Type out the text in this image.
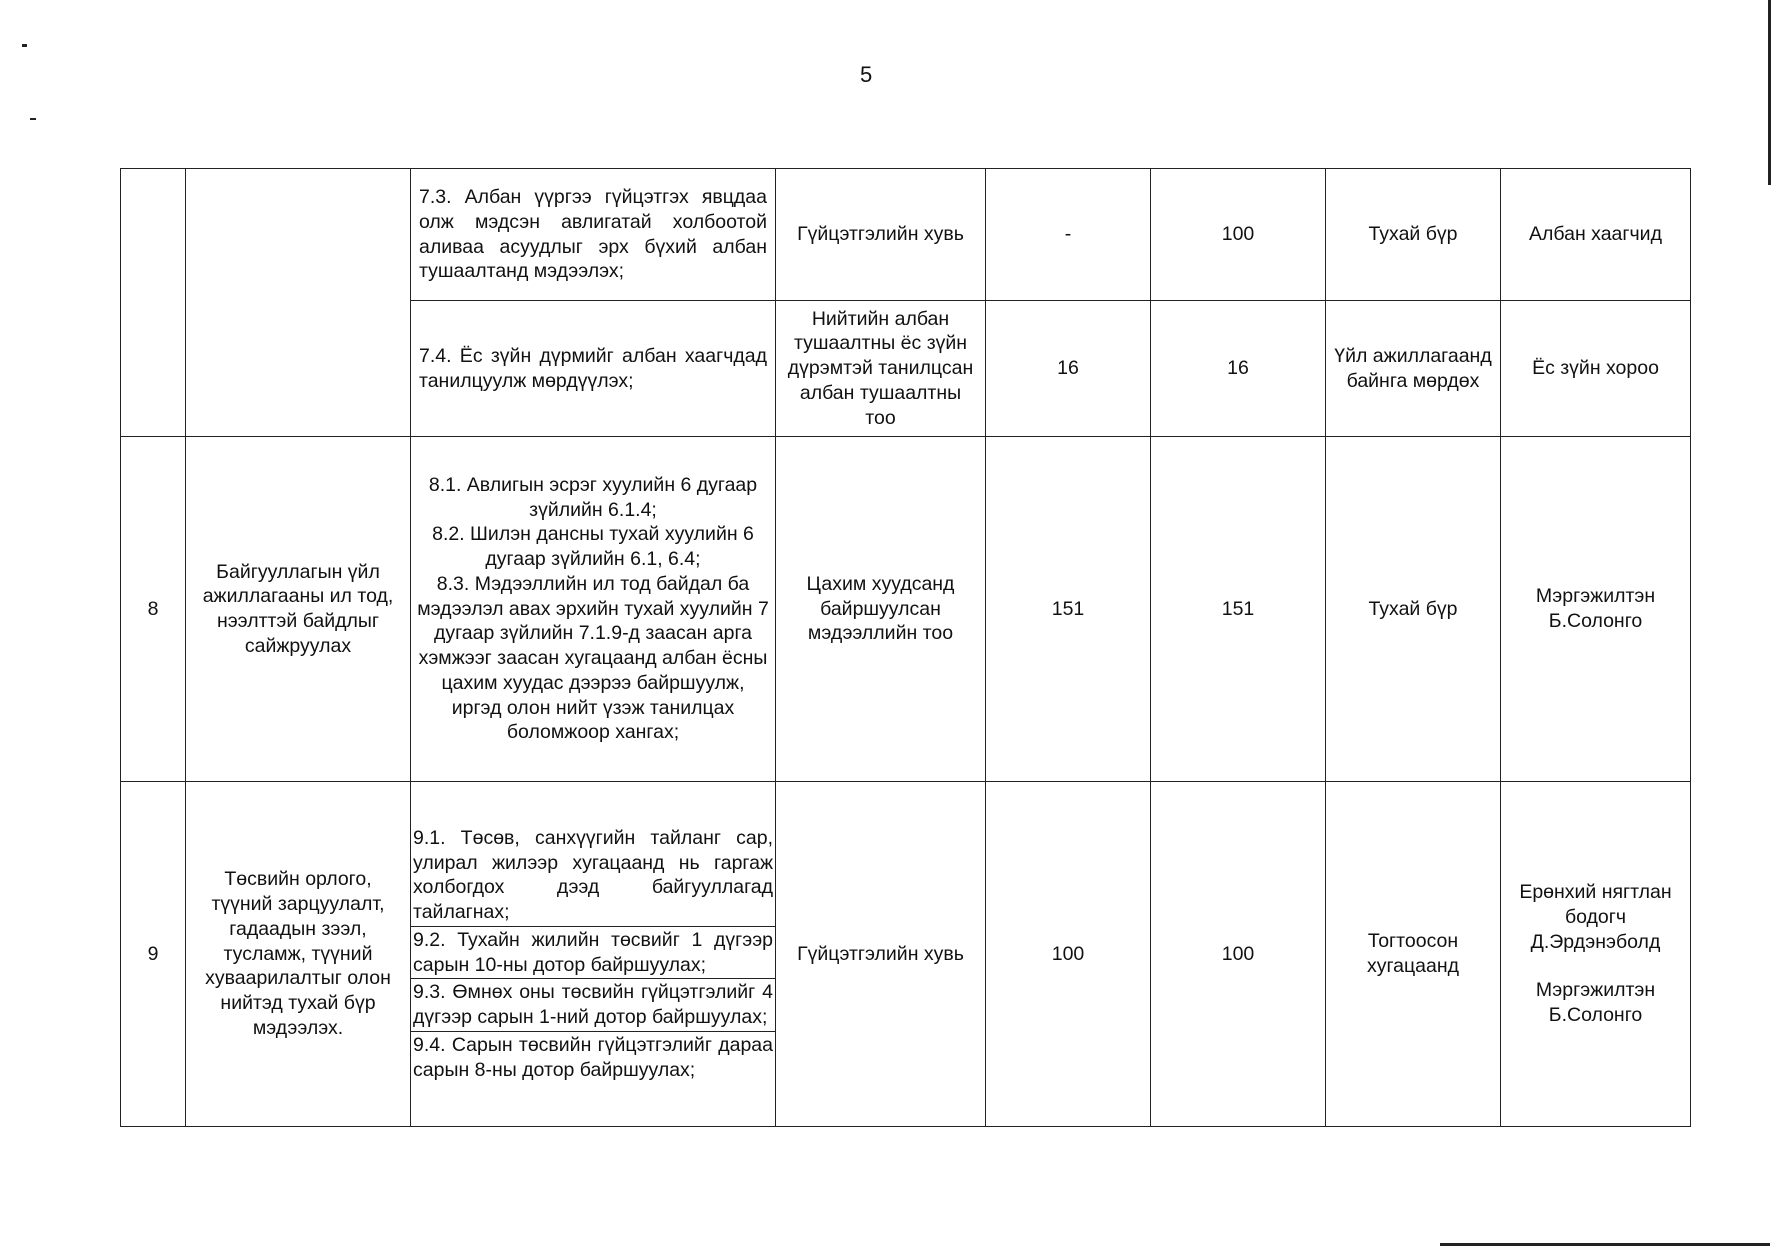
5

		7.3. Албан үүргээ гүйцэтгэх явцдаа олж мэдсэн авлигатай холбоотой аливаа асуудлыг эрх бүхий албан тушаалтанд мэдээлэх;	Гүйцэтгэлийн хувь	-	100	Тухай бүр	Албан хаагчид

		7.4. Ёс зүйн дүрмийг албан хаагчдад танилцуулж мөрдүүлэх;	Нийтийн албан тушаалтны ёс зүйн дүрэмтэй танилцсан албан тушаалтны тоо	16	16	Үйл ажиллагаанд байнга мөрдөх	Ёс зүйн хороо
8	Байгууллагын үйл ажиллагааны ил тод, нээлттэй байдлыг сайжруулах	8.1. Авлигын эсрэг хуулийн 6 дугаар зүйлийн 6.1.4;
8.2. Шилэн дансны тухай хуулийн 6 дугаар зүйлийн 6.1, 6.4;
8.3. Мэдээллийн ил тод байдал ба мэдээлэл авах эрхийн тухай хуулийн 7 дугаар зүйлийн 7.1.9-д заасан арга хэмжээг заасан хугацаанд албан ёсны цахим хуудас дээрээ байршуулж, иргэд олон нийт үзэж танилцах боломжоор хангах;	Цахим хуудсанд байршуулсан мэдээллийн тоо	151	151	Тухай бүр	Мэргэжилтэн Б.Солонго
9	Төсвийн орлого, түүний зарцуулалт, гадаадын зээл, тусламж, түүний хуваарилалтыг олон нийтэд тухай бүр мэдээлэх.	9.1. Төсөв, санхүүгийн тайланг сар, улирал жилээр хугацаанд нь гаргаж холбогдох дээд байгууллагад тайлагнах;
9.2. Тухайн жилийн төсвийг 1 дүгээр сарын 10-ны дотор байршуулах;
9.3. Өмнөх оны төсвийн гүйцэтгэлийг 4 дүгээр сарын 1-ний дотор байршуулах;
9.4. Сарын төсвийн гүйцэтгэлийг дараа сарын 8-ны дотор байршуулах;	Гүйцэтгэлийн хувь	100	100	Тогтоосон хугацаанд	Ерөнхий нягтлан бодогч Д.Эрдэнэболд
Мэргэжилтэн Б.Солонго
